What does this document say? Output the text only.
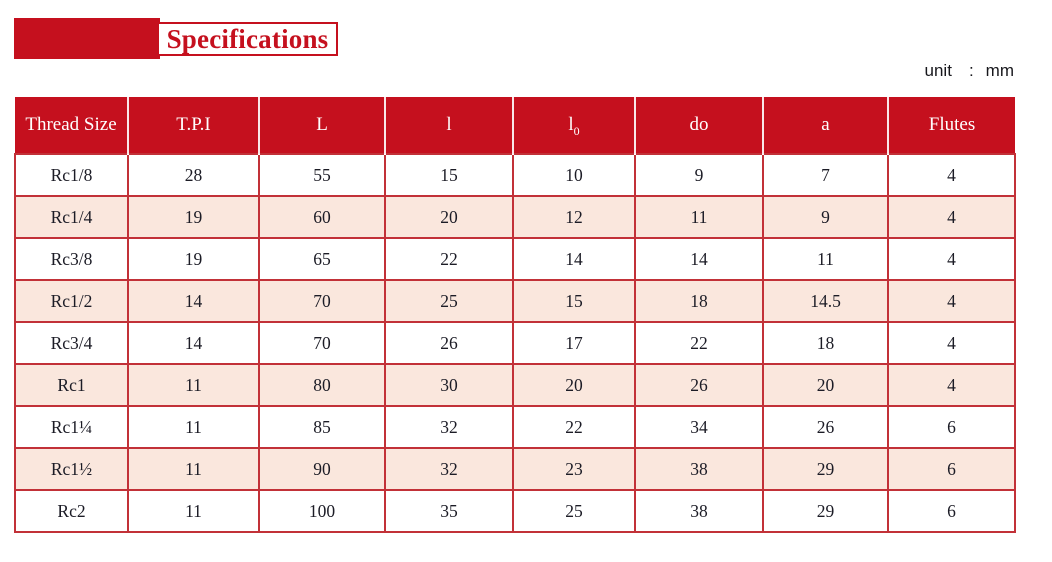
Specifications
unit : mm
Thread Size	T.P.I	L	l	$l_0$	do	a	Flutes
Rc1/8	28	55	15	10	9	7	4
Rc1/4	19	60	20	12	11	9	4
Rc3/8	19	65	22	14	14	11	4
Rc1/2	14	70	25	15	18	14.5	4
Rc3/4	14	70	26	17	22	18	4
Rc1	11	80	30	20	26	20	4
Rc1¼	11	85	32	22	34	26	6
Rc1½	11	90	32	23	38	29	6
Rc2	11	100	35	25	38	29	6
